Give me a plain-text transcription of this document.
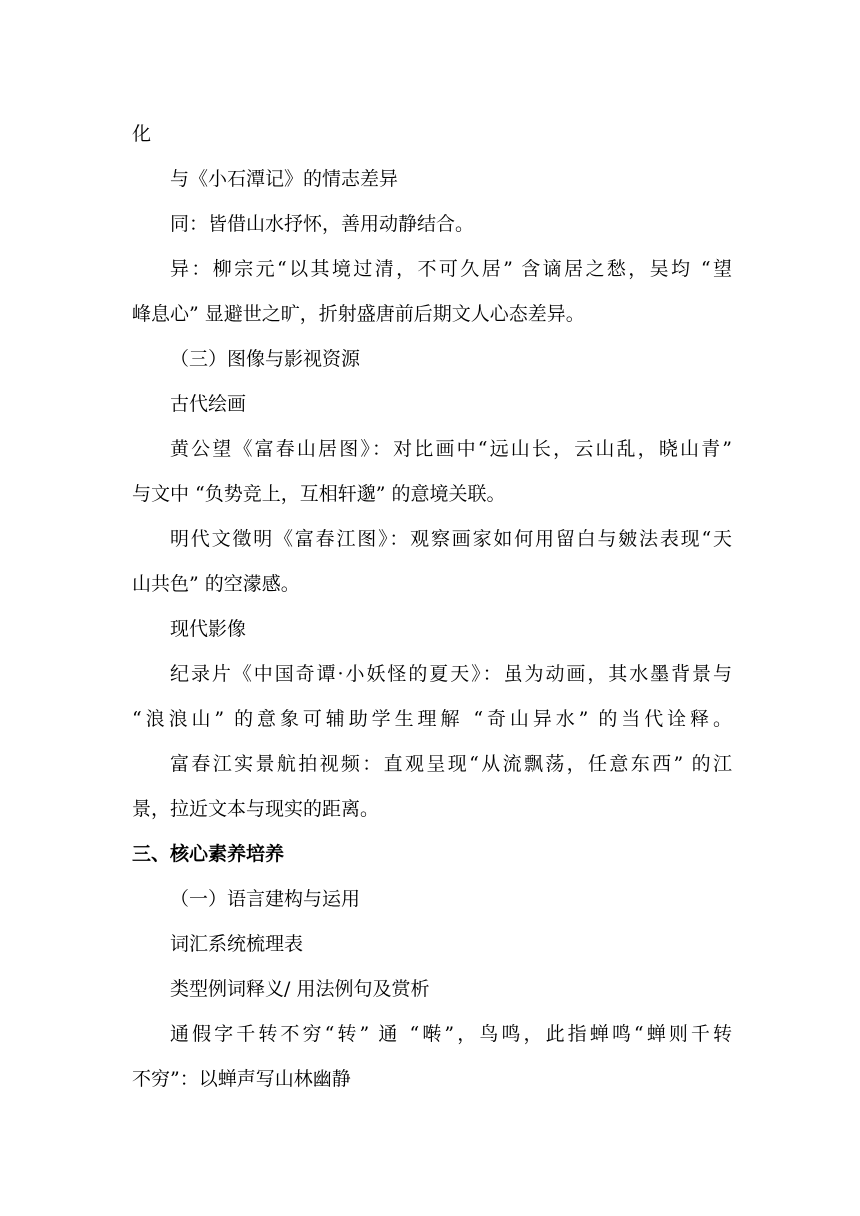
化
与《小石潭记》的情志差异
同：皆借山水抒怀，善用动静结合。
异：柳宗元“以其境过清，不可久居” 含谪居之愁，吴均 “望
峰息心” 显避世之旷，折射盛唐前后期文人心态差异。
（三）图像与影视资源
古代绘画
黄公望《富春山居图》：对比画中“远山长，云山乱，晓山青”
与文中 “负势竞上，互相轩邈” 的意境关联。
明代文徵明《富春江图》：观察画家如何用留白与皴法表现“天
山共色” 的空濛感。
现代影像
纪录片《中国奇谭·小妖怪的夏天》：虽为动画，其水墨背景与
“浪浪山” 的意象可辅助学生理解 “奇山异水” 的当代诠释。
富春江实景航拍视频：直观呈现“从流飘荡，任意东西” 的江
景，拉近文本与现实的距离。
三、核心素养培养
（一）语言建构与运用
词汇系统梳理表
类型例词释义/ 用法例句及赏析
通假字千转不穷“转” 通 “啭”，鸟鸣，此指蝉鸣“蝉则千转
不穷”：以蝉声写山林幽静
